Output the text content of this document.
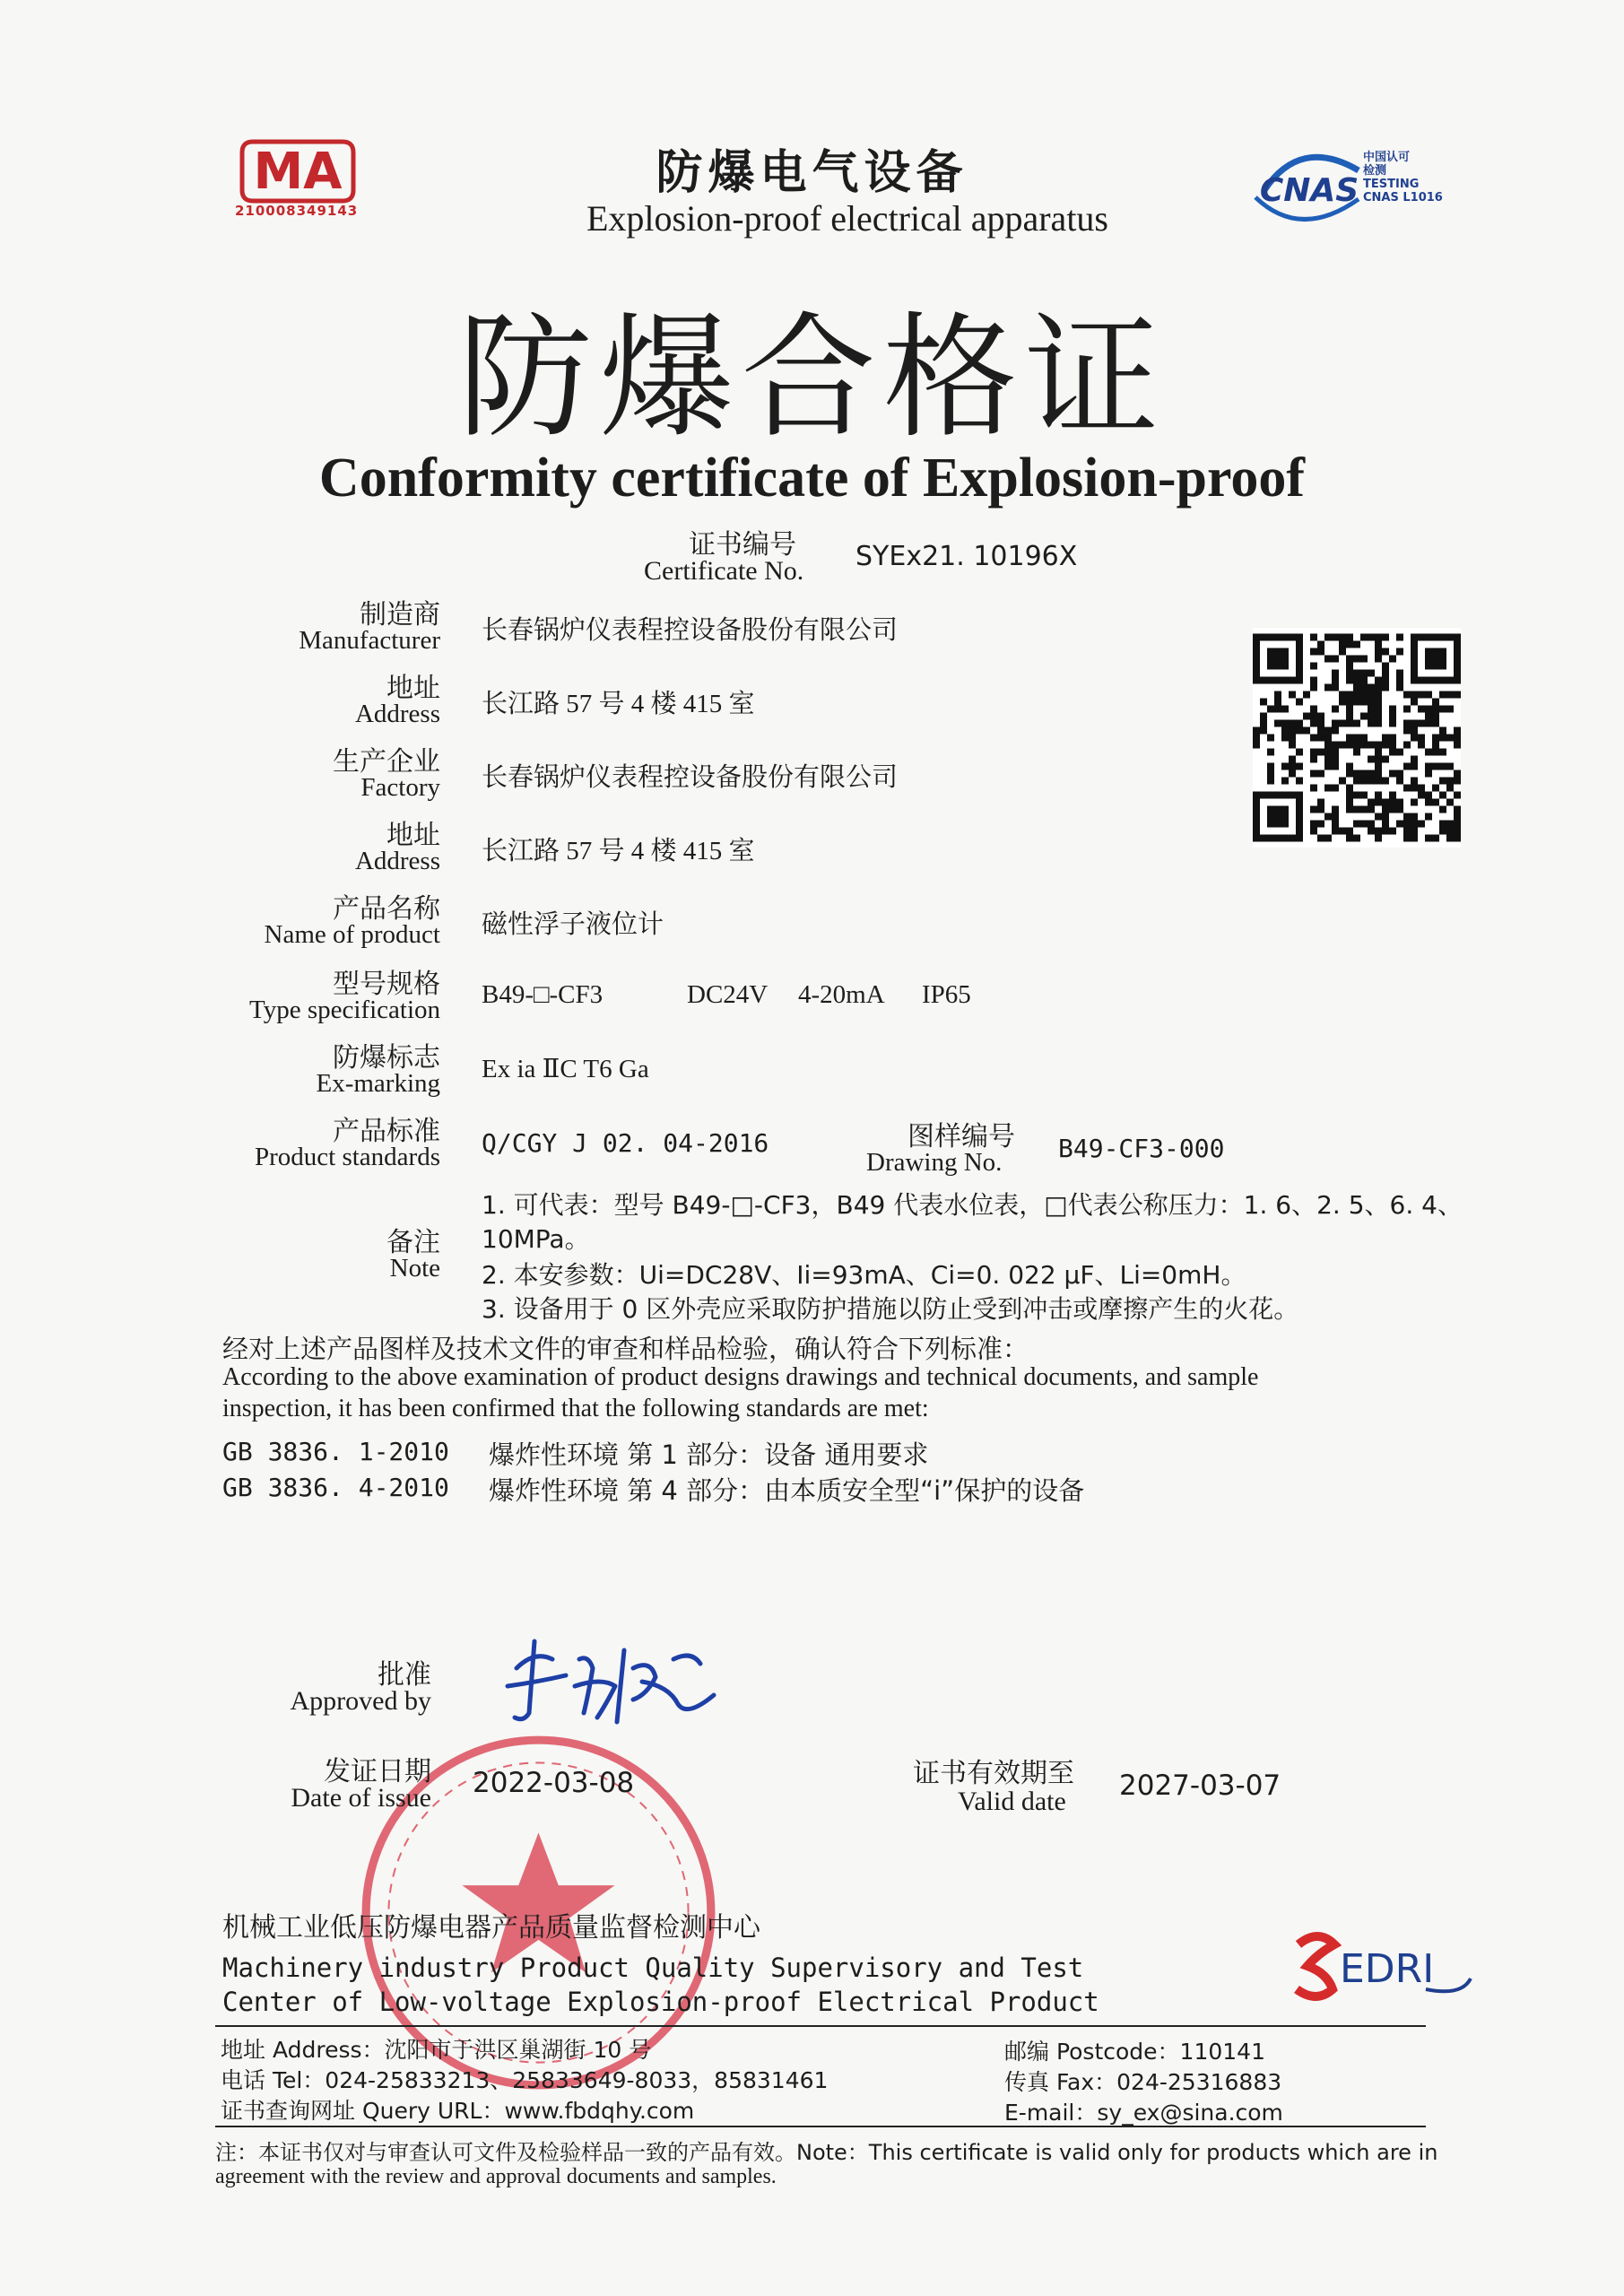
MA
210008349143
CNAS
中国认可
检测
TESTING
CNAS L1016
防爆电气设备
Explosion-proof electrical apparatus
防爆合格证
Conformity certificate of Explosion-proof
证书编号
Certificate No. SYEx21. 10196X
制造商
Manufacturer 长春锅炉仪表程控设备股份有限公司
地址
Address 长江路 57 号 4 楼 415 室
生产企业
Factory 长春锅炉仪表程控设备股份有限公司
地址
Address 长江路 57 号 4 楼 415 室
产品名称
Name of product 磁性浮子液位计
型号规格
Type specification
B49-□-CF3	DC24V 4-20mA IP65
防爆标志
Ex-marking Ex ia ⅡC T6 Ga
产品标准
Product standards Q/CGY J 02. 04-2016	图样编号
Drawing No. B49-CF3-000
备注
Note
1. 可代表：型号 B49-□-CF3，B49 代表水位表，□代表公称压力：1. 6、2. 5、6. 4、
10MPa。
2. 本安参数：Ui=DC28V、Ii=93mA、Ci=0. 022 μF、Li=0mH。
3. 设备用于 0 区外壳应采取防护措施以防止受到冲击或摩擦产生的火花。
经对上述产品图样及技术文件的审查和样品检验，确认符合下列标准：
According to the above examination of product designs drawings and technical documents, and sample
inspection, it has been confirmed that the following standards are met:
GB 3836. 1-2010 爆炸性环境 第 1 部分：设备 通用要求
GB 3836. 4-2010 爆炸性环境 第 4 部分：由本质安全型“i”保护的设备
批准
Approved by
发证日期
Date of issue 2022-03-08	证书有效期至
Valid date 2027-03-07
机械工业低压防爆电器产品质量监督检测中心
Machinery industry Product Quality Supervisory and Test
Center of Low-voltage Explosion-proof Electrical Product
EDRI
地址 Address：沈阳市于洪区巢湖街 10 号
电话 Tel：024-25833213、25833649-8033，85831461
证书查询网址 Query URL：www.fbdqhy.com
邮编 Postcode：110141
传真 Fax：024-25316883
E-mail：sy_ex@sina.com
注：本证书仅对与审查认可文件及检验样品一致的产品有效。Note：This certificate is valid only for products which are in
agreement with the review and approval documents and samples.
